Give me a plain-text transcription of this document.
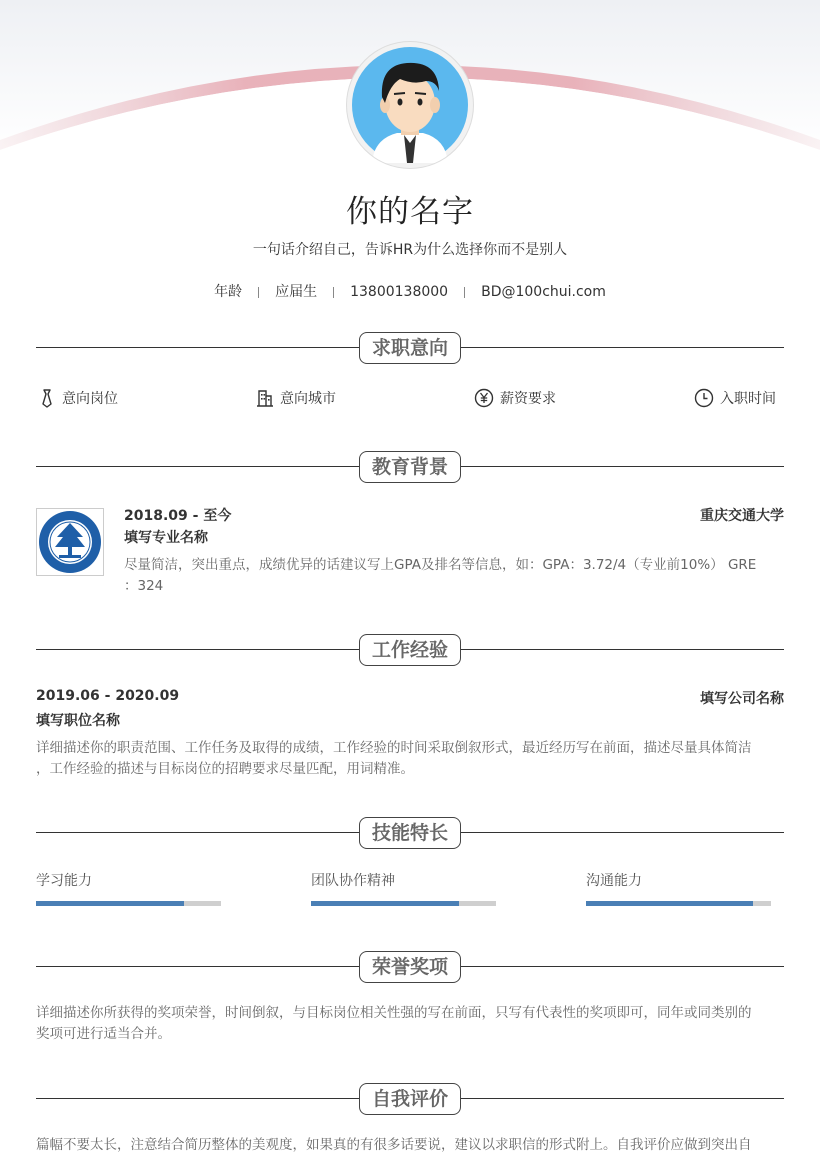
你的名字
一句话介绍自己，告诉HR为什么选择你而不是别人
年龄 应届生 13800138000 BD@100chui.com
求职意向
意向岗位	意向城市	薪资要求	入职时间
教育背景
2018.09 - 至今	重庆交通大学
填写专业名称
尽量简洁，突出重点，成绩优异的话建议写上GPA及排名等信息，如：GPA：3.72/4（专业前10%） GRE
：324
工作经验
2019.06 - 2020.09	填写公司名称
填写职位名称
详细描述你的职责范围、工作任务及取得的成绩，工作经验的时间采取倒叙形式，最近经历写在前面，描述尽量具体简洁
，工作经验的描述与目标岗位的招聘要求尽量匹配，用词精准。
技能特长
学习能力	团队协作精神	沟通能力
荣誉奖项
详细描述你所获得的奖项荣誉，时间倒叙，与目标岗位相关性强的写在前面，只写有代表性的奖项即可，同年或同类别的
奖项可进行适当合并。
自我评价
篇幅不要太长，注意结合简历整体的美观度，如果真的有很多话要说，建议以求职信的形式附上。自我评价应做到突出自
